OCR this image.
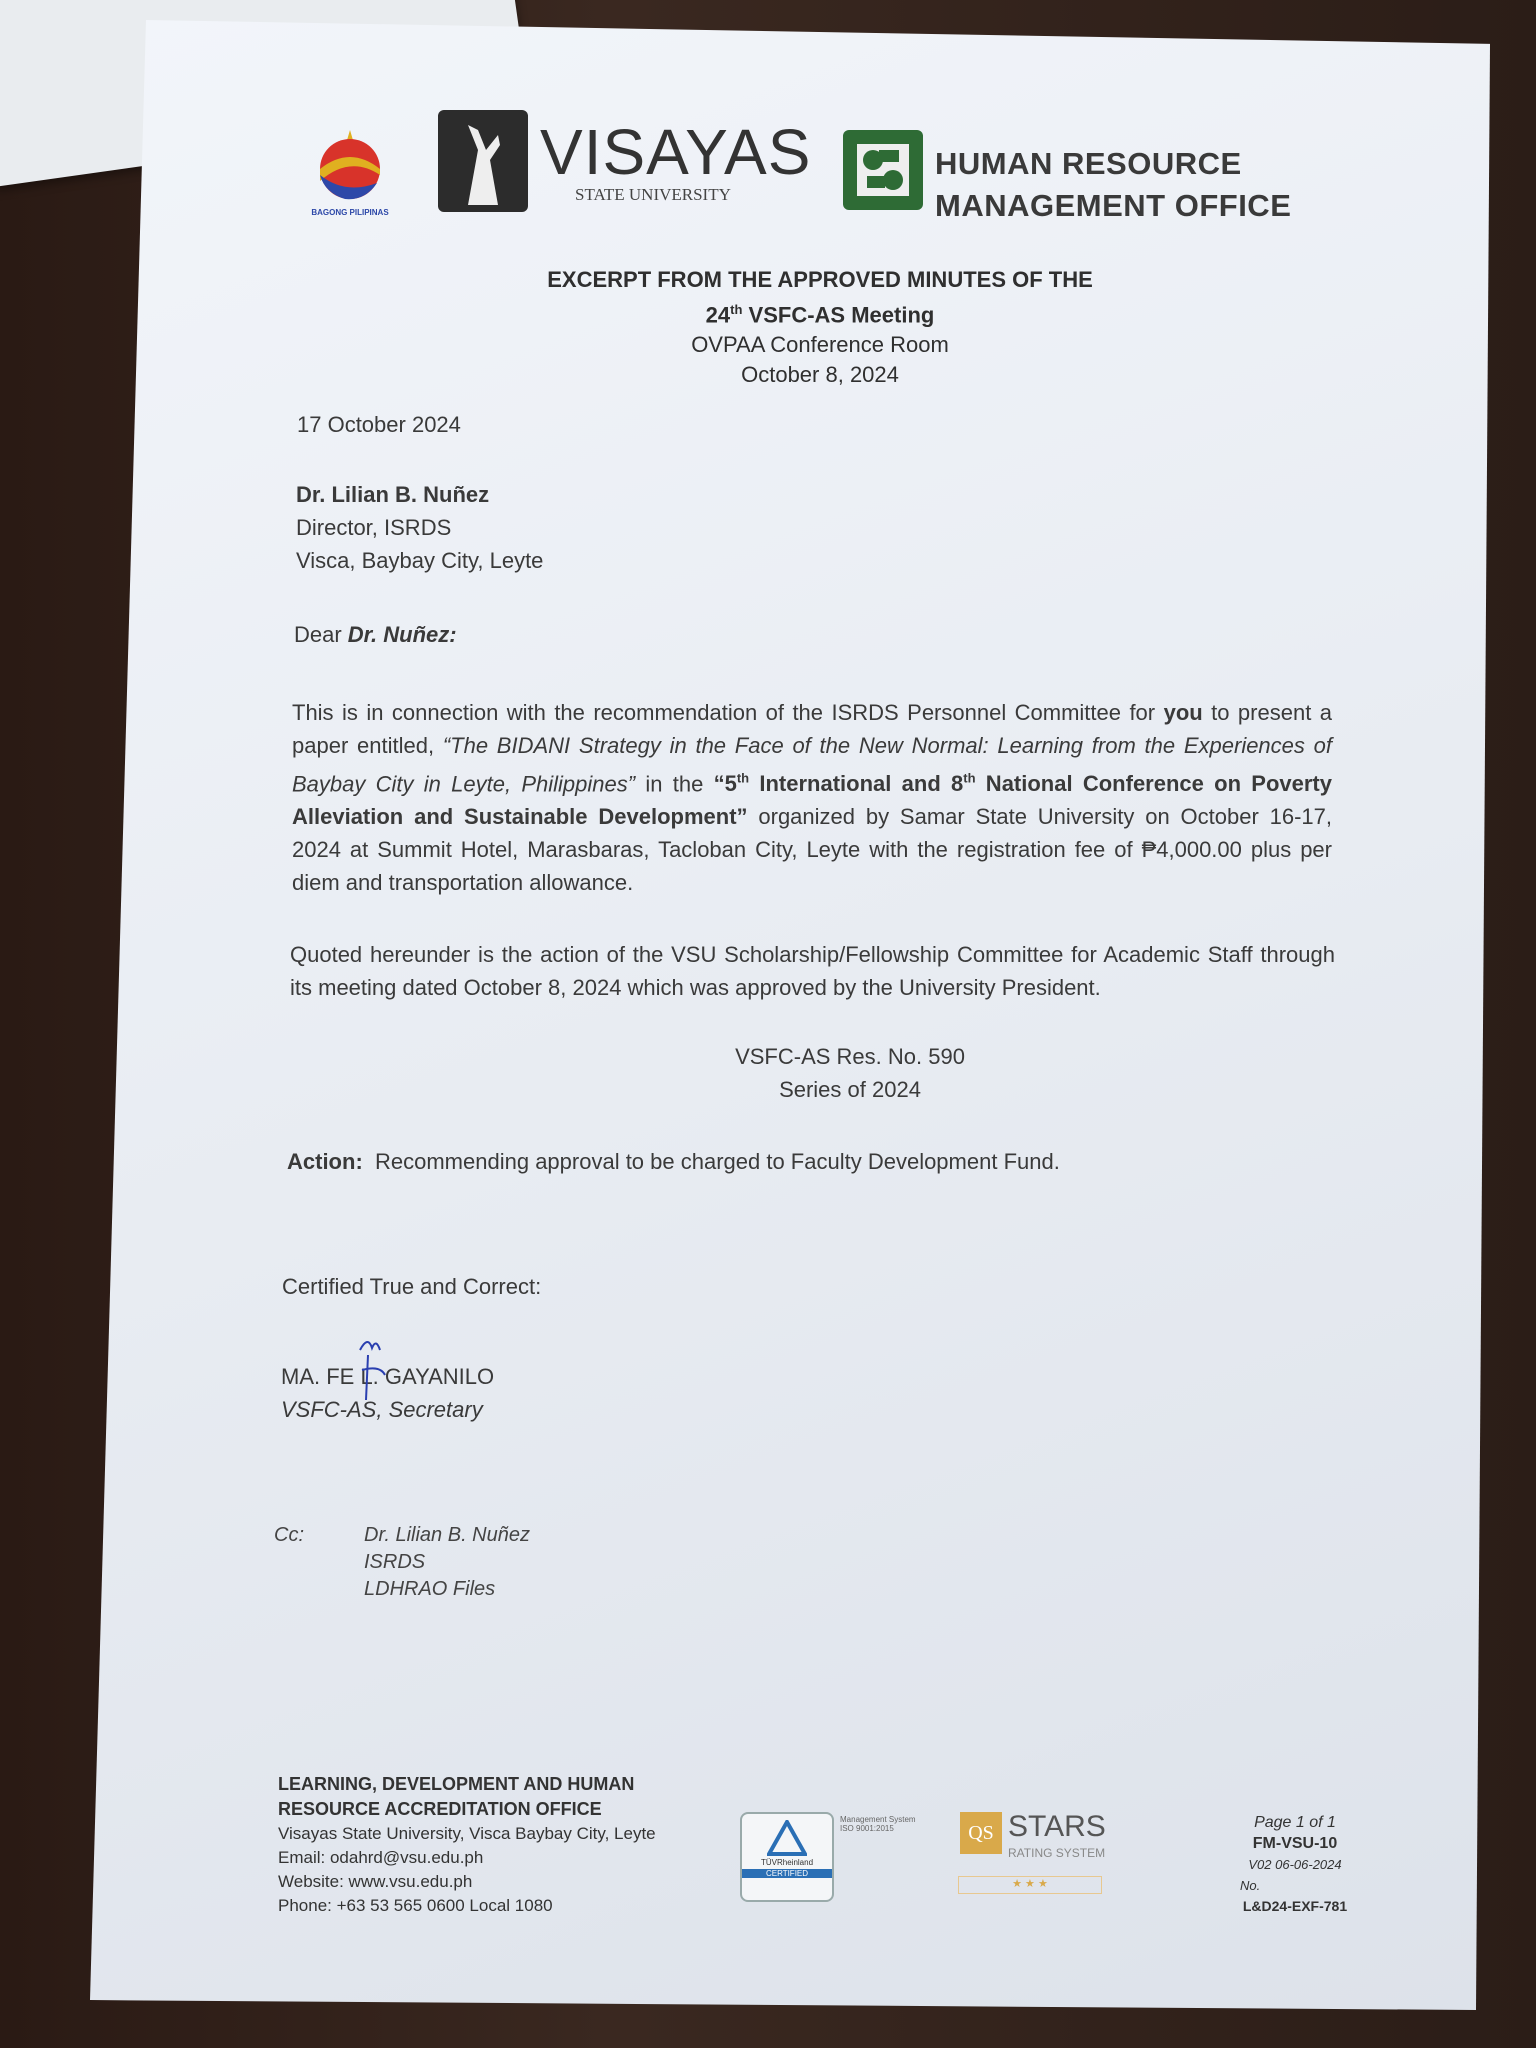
BAGONG PILIPINAS
VISAYAS
STATE UNIVERSITY
HUMAN RESOURCE
MANAGEMENT OFFICE
EXCERPT FROM THE APPROVED MINUTES OF THE
24th VSFC-AS Meeting
OVPAA Conference Room
October 8, 2024
17 October 2024
Dr. Lilian B. Nuñez
Director, ISRDS
Visca, Baybay City, Leyte
Dear Dr. Nuñez:
This is in connection with the recommendation of the ISRDS Personnel Committee for you to present a paper entitled, “The BIDANI Strategy in the Face of the New Normal: Learning from the Experiences of Baybay City in Leyte, Philippines” in the “5th International and 8th National Conference on Poverty Alleviation and Sustainable Development” organized by Samar State University on October 16-17, 2024 at Summit Hotel, Marasbaras, Tacloban City, Leyte with the registration fee of ₱4,000.00 plus per diem and transportation allowance.
Quoted hereunder is the action of the VSU Scholarship/Fellowship Committee for Academic Staff through its meeting dated October 8, 2024 which was approved by the University President.
VSFC-AS Res. No. 590
Series of 2024
Action: Recommending approval to be charged to Faculty Development Fund.
Certified True and Correct:
MA. FE L. GAYANILO
VSFC-AS, Secretary
Cc:	Dr. Lilian B. Nuñez
ISRDS
LDHRAO Files
LEARNING, DEVELOPMENT AND HUMAN
RESOURCE ACCREDITATION OFFICE
Visayas State University, Visca Baybay City, Leyte
Email: odahrd@vsu.edu.ph
Website: www.vsu.edu.ph
Phone: +63 53 565 0600 Local 1080
TÜVRheinland
CERTIFIED
Management System ISO 9001:2015	QS STARS
RATING SYSTEM
★ ★ ★
Page 1 of 1
FM-VSU-10
V02 06-06-2024
No.
L&D24-EXF-781
